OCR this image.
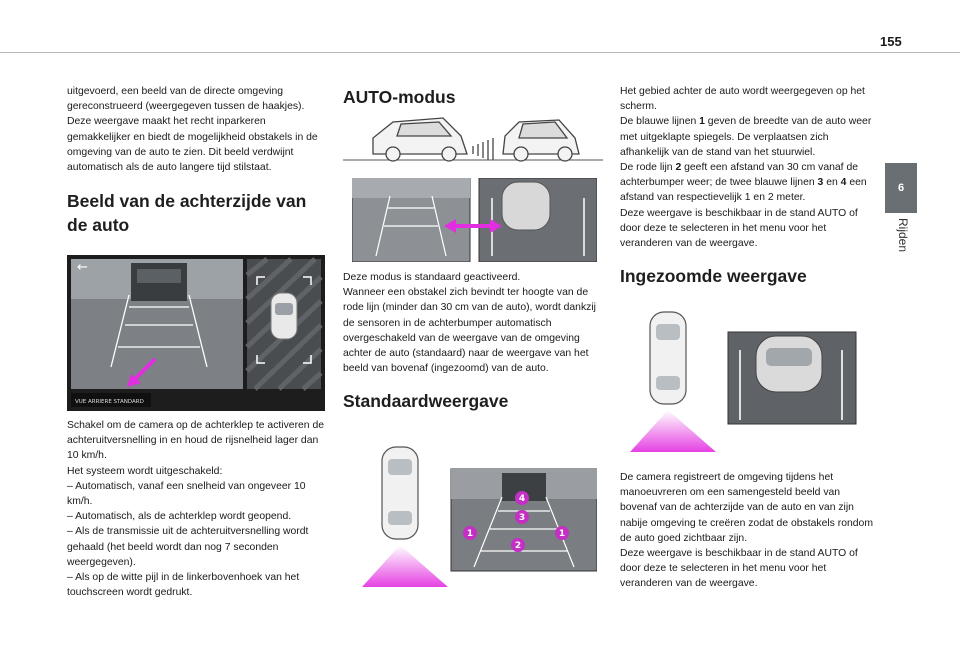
155
6
Rijden

uitgevoerd, een beeld van de directe omgeving gereconstrueerd (weergegeven tussen de haakjes). Deze weergave maakt het recht inparkeren gemakkelijker en biedt de mogelijkheid obstakels in de omgeving van de auto te zien. Dit beeld verdwijnt automatisch als de auto langere tijd stilstaat.

Beeld van de achterzijde van de auto
←
VUE ARRIERE STANDARD

Schakel om de camera op de achterklep te activeren de achteruitversnelling in en houd de rijsnelheid lager dan 10 km/h.

Het systeem wordt uitgeschakeld:

– Automatisch, vanaf een snelheid van ongeveer 10 km/h.

– Automatisch, als de achterklep wordt geopend.

– Als de transmissie uit de achteruitversnelling wordt gehaald (het beeld wordt dan nog 7 seconden weergegeven).

– Als op de witte pijl in de linkerbovenhoek van het touchscreen wordt gedrukt.

AUTO-modus

Deze modus is standaard geactiveerd.

Wanneer een obstakel zich bevindt ter hoogte van de rode lijn (minder dan 30 cm van de auto), wordt dankzij de sensoren in de achterbumper automatisch overgeschakeld van de weergave van de omgeving achter de auto (standaard) naar de weergave van het beeld van bovenaf (ingezoomd) van de auto.

Standaardweergave
4
3
1	1
2

Het gebied achter de auto wordt weergegeven op het scherm.

De blauwe lijnen 1 geven de breedte van de auto weer met uitgeklapte spiegels. De verplaatsen zich afhankelijk van de stand van het stuurwiel.

De rode lijn 2 geeft een afstand van 30 cm vanaf de achterbumper weer; de twee blauwe lijnen 3 en 4 een afstand van respectievelijk 1 en 2 meter.

Deze weergave is beschikbaar in de stand AUTO of door deze te selecteren in het menu voor het veranderen van de weergave.

Ingezoomde weergave

De camera registreert de omgeving tijdens het manoeuvreren om een samengesteld beeld van bovenaf van de achterzijde van de auto en van zijn nabije omgeving te creëren zodat de obstakels rondom de auto goed zichtbaar zijn.

Deze weergave is beschikbaar in de stand AUTO of door deze te selecteren in het menu voor het veranderen van de weergave.
